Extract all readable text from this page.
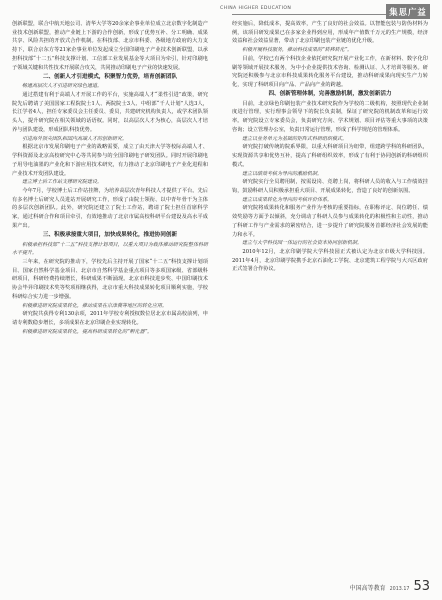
CHINA HIGHER EDUCATION	集思广益

创新联盟，联合中航天地公司、清华大学等20余家企事业单位成立北京数字化制造产业技术创新联盟，推动产业链上下游的合作创新，形成了优势互补、分工明确、成果共享、风险共担的开放式合作机制。在科技部、北京市科委、各级地方政府的大力支持下，联合京东方等21家企事业单位发起成立全国印刷电子产业技术创新联盟，以承担科技部“十二五”科技支撑计划、工信部工业发展基金等大项目为牵引，针对印刷电子领域关键和共性技术开展联合攻关，共同推动印刷电子产业的快速发展。

二、创新人才引进模式，积聚智力优势，培育创新团队

畅通高层次人才引进研究绿色通道。

通过搭建有利于高端人才开展工作的平台，实施高端人才“柔性引进”政策，研究院先后聘请了美国国家工程院院士1人、两院院士3人、中组部“千人计划”人选3人，长江学者4人，担任专家委员会主任委员、委员，共建研究机构负责人，或学术团队领头人，提升研究院在相关领域的话语权。同时，以高层次人才为核心，高层次人才培养与团队建设，形成团队科技优势。

引进海外顶尖团队和国内高端人才的创新研究。

根据北京市发展印刷电子产业的战略需要，成立了由天津大学等校际高端人才、学科资源及北京高校研究中心等共同参与的全国印刷电子研发团队。同时开展印刷电子用导电油墨的产业化和下游应用技术研究，有力推动了北京印刷电子产业化进程和产业技术开发团队建设。

建立博士后工作站支撑研究院建设。

今年7月，学校博士后工作站挂牌，为培养高层次青年科技人才提供了平台。先后有多名博士后研究人员进站开展研究工作，形成了由院士领衔、以中青年骨干为主体的多层次创新团队。此外，研究院还建立了院士工作站，聘请了院士担任首席科学家，通过科研合作和项目牵引，有效地推动了北京市属高校科研平台建设及高水平成果产出。

三、积极承接重大项目，加快成果转化，推进协同创新

积极承担科技部“十二五”科技支撑计划项目，以重大项目为载体推动研究院整体科研水平提升。

三年来，在研究院的推动下，学校先后主持开展了国家“十二五”科技支撑计划项目、国家自然科学基金项目、北京市自然科学基金重点项目等多项国家级、省部级科研项目，科研经费持续增长，科研成果不断涌现。北京市科技进步奖、中国印刷技术协会毕昇印刷技术奖等奖项相继获得，北京市重大科技成果转化项目顺利实施，学校科研综合实力进一步增强。

积极推进研究院成果转化，推动成果在京津冀等地区的转化应用。

研究院共获得专利130余项，2011年学校专利授权数位居北京市属高校前列，申请专利数稳步增长，多项成果在北京印刷企业实现转化。

积极推进研究院成果转化，提高科研成果转化的“孵化器”。

经实施后，降低成本，提高效率，产生了良好的社会效益。以智能包装与防伪材料为例，该项目研发成果已在多家企业得到应用，形成年产值数千万元的生产规模，经济效益和社会效益显著，带动了北京印刷包装产业链的优化升级。

积极开展科技服务，推动科技成果的“转移转化”。

目前，学校已有两个科技企业依托研究院开展产业化工作，在新材料、数字化印刷等领域开展技术服务，为中小企业提供技术咨询、检测认证、人才培训等服务。研究院还积极参与北京市科技成果转化服务平台建设，推动科研成果向现实生产力转化，实现了科研项目向产品、产品向产业的跨越。

四、创新管理体制，完善激励机制，激发创新活力

目前，北京绿色印刷包装产业技术研究院作为学校的二级机构，按照现代企业制度进行管理，实行理事会领导下的院长负责制，保证了研究院的机制改革和运行效率。研究院设立专家委员会，负责研究方向、学术规划、项目评估等重大事项的决策咨询；设立管理办公室，负责日常运行管理，形成了科学规范的管理体系。

建立以业务单元为基础的矩阵式科研组织模式。

研究院打破传统的院系界限，以重大科研项目为纽带，组建跨学科的科研团队，实现资源共享和优势互补，提高了科研组织效率，形成了有利于协同创新的科研组织模式。

建立以绩效考核为导向的激励机制。

研究院实行全员聘用制，按需设岗、竞聘上岗，将科研人员的收入与工作绩效挂钩，鼓励科研人员积极承担重大项目、开展成果转化，营造了良好的创新氛围。

建立以成果转化为导向的考核评价体系。

研究院将成果转化和服务产业作为考核的重要指标，在职称评定、岗位聘任、绩效奖励等方面予以倾斜，充分调动了科研人员参与成果转化的积极性和主动性，推动了科研工作与产业需求的紧密结合，进一步提升了研究院服务首都经济社会发展的能力和水平。

建立与大学科技园一体运行的社会资本协同创新机制。

2010年12月，北京印刷学院大学科技园正式被认定为北京市级大学科技园。2011年4月，北京印刷学院携手北京石油化工学院、北京建筑工程学院与大兴区政府正式签署合作协议。

中国高等教育 2013.17 53
